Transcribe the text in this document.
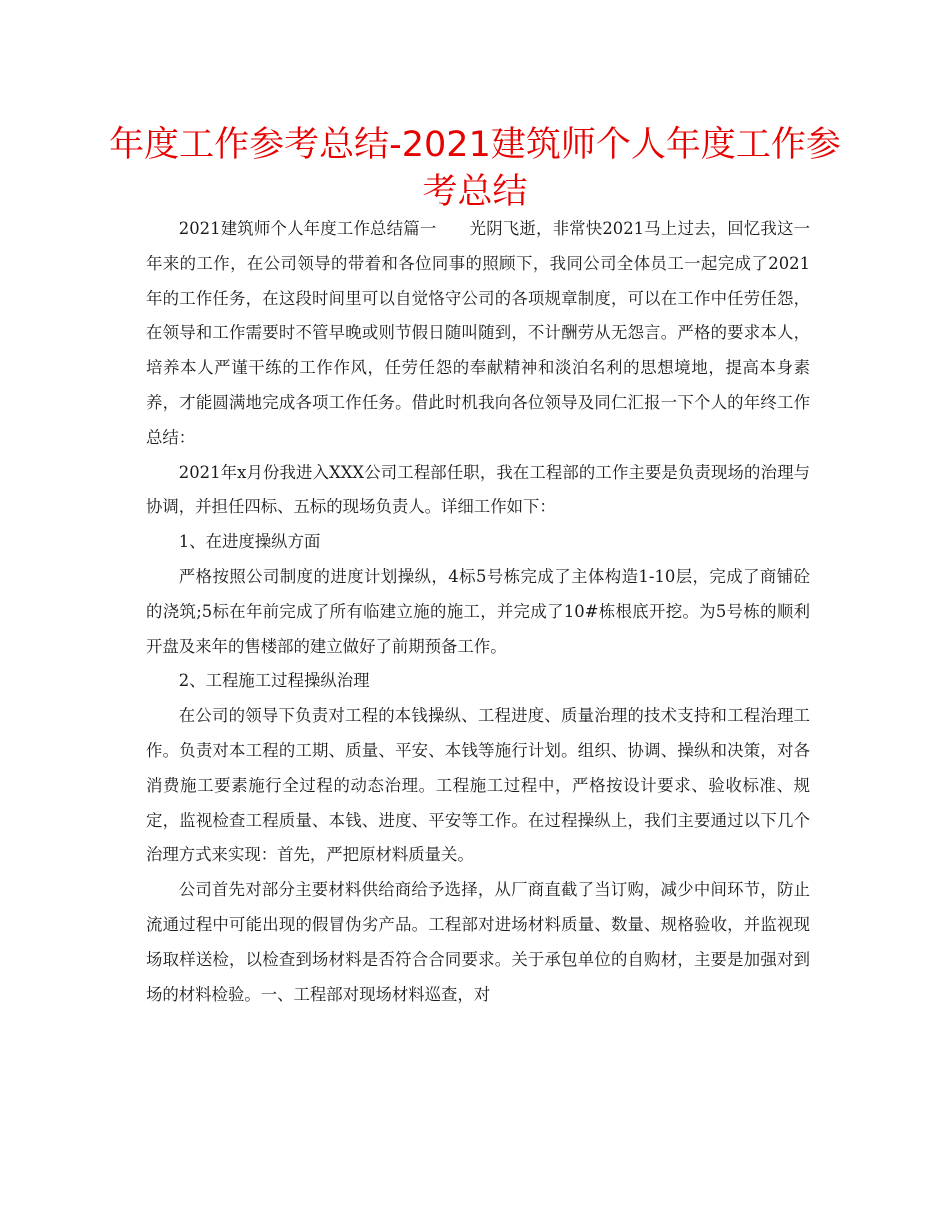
年度工作参考总结-2021建筑师个人年度工作参考总结

2021建筑师个人年度工作总结篇一　　光阴飞逝，非常快2021马上过去，回忆我这一年来的工作，在公司领导的带着和各位同事的照顾下，我同公司全体员工一起完成了2021年的工作任务，在这段时间里可以自觉恪守公司的各项规章制度，可以在工作中任劳任怨，在领导和工作需要时不管早晚或则节假日随叫随到，不计酬劳从无怨言。严格的要求本人，培养本人严谨干练的工作作风，任劳任怨的奉献精神和淡泊名利的思想境地，提高本身素养，才能圆满地完成各项工作任务。借此时机我向各位领导及同仁汇报一下个人的年终工作总结：

2021年x月份我进入XXX公司工程部任职，我在工程部的工作主要是负责现场的治理与协调，并担任四标、五标的现场负责人。详细工作如下：

1、在进度操纵方面

严格按照公司制度的进度计划操纵，4标5号栋完成了主体构造1-10层，完成了商铺砼的浇筑;5标在年前完成了所有临建立施的施工，并完成了10#栋根底开挖。为5号栋的顺利开盘及来年的售楼部的建立做好了前期预备工作。

2、工程施工过程操纵治理

在公司的领导下负责对工程的本钱操纵、工程进度、质量治理的技术支持和工程治理工作。负责对本工程的工期、质量、平安、本钱等施行计划。组织、协调、操纵和决策，对各消费施工要素施行全过程的动态治理。工程施工过程中，严格按设计要求、验收标准、规定，监视检查工程质量、本钱、进度、平安等工作。在过程操纵上，我们主要通过以下几个治理方式来实现：首先，严把原材料质量关。

公司首先对部分主要材料供给商给予选择，从厂商直截了当订购，减少中间环节，防止流通过程中可能出现的假冒伪劣产品。工程部对进场材料质量、数量、规格验收，并监视现场取样送检，以检查到场材料是否符合合同要求。关于承包单位的自购材，主要是加强对到场的材料检验。一、工程部对现场材料巡查，对
